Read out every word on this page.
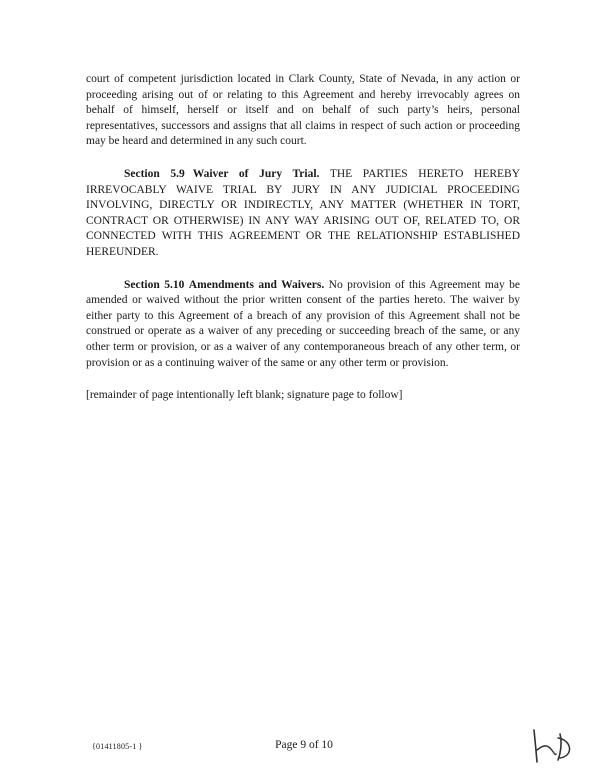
court of competent jurisdiction located in Clark County, State of Nevada, in any action or proceeding arising out of or relating to this Agreement and hereby irrevocably agrees on behalf of himself, herself or itself and on behalf of such party’s heirs, personal representatives, successors and assigns that all claims in respect of such action or proceeding may be heard and determined in any such court.

Section 5.9 Waiver of Jury Trial. THE PARTIES HERETO HEREBY IRREVOCABLY WAIVE TRIAL BY JURY IN ANY JUDICIAL PROCEEDING INVOLVING, DIRECTLY OR INDIRECTLY, ANY MATTER (WHETHER IN TORT, CONTRACT OR OTHERWISE) IN ANY WAY ARISING OUT OF, RELATED TO, OR CONNECTED WITH THIS AGREEMENT OR THE RELATIONSHIP ESTABLISHED HEREUNDER.

Section 5.10 Amendments and Waivers. No provision of this Agreement may be amended or waived without the prior written consent of the parties hereto. The waiver by either party to this Agreement of a breach of any provision of this Agreement shall not be construed or operate as a waiver of any preceding or succeeding breach of the same, or any other term or provision, or as a waiver of any contemporaneous breach of any other term, or provision or as a continuing waiver of the same or any other term or provision.

[remainder of page intentionally left blank; signature page to follow]

{01411805-1 }	Page 9 of 10
